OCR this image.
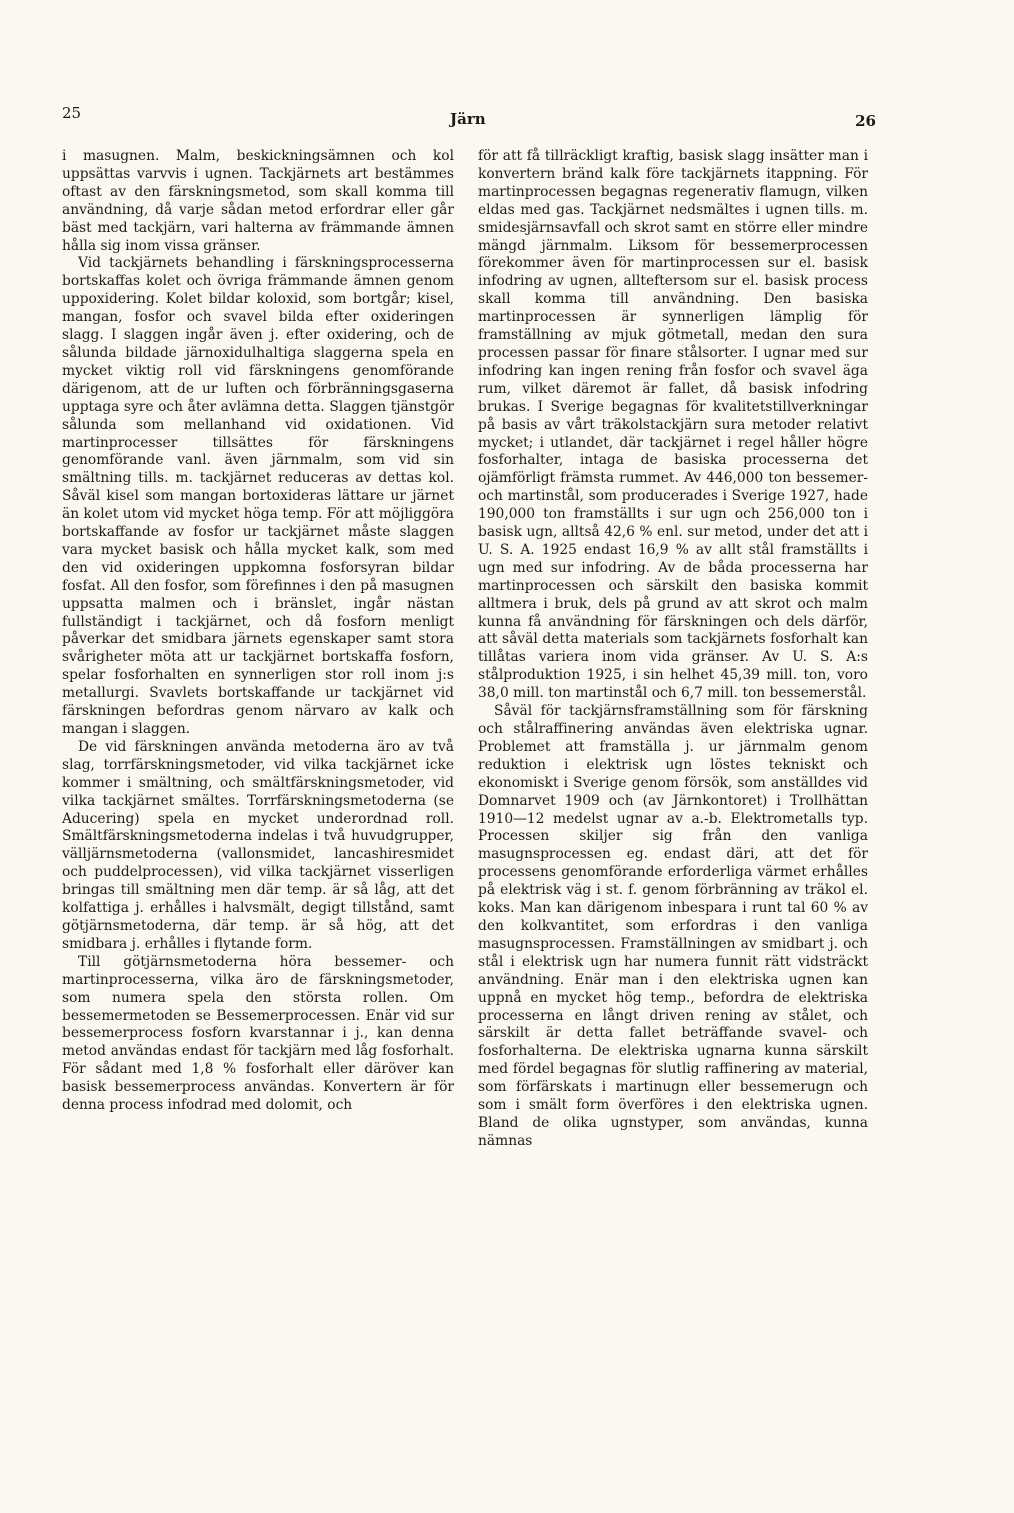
25	Järn	26

i masugnen. Malm, beskickningsämnen och kol uppsättas varvvis i ugnen. Tackjärnets art bestämmes oftast av den färskningsmetod, som skall komma till användning, då varje sådan metod erfordrar eller går bäst med tackjärn, vari halterna av främmande ämnen hålla sig inom vissa gränser.

Vid tackjärnets behandling i färskningsprocesserna bortskaffas kolet och övriga främmande ämnen genom uppoxidering. Kolet bildar koloxid, som bortgår; kisel, mangan, fosfor och svavel bilda efter oxideringen slagg. I slaggen ingår även j. efter oxidering, och de sålunda bildade järnoxidulhaltiga slaggerna spela en mycket viktig roll vid färskningens genomförande därigenom, att de ur luften och förbränningsgaserna upptaga syre och åter avlämna detta. Slaggen tjänstgör sålunda som mellanhand vid oxidationen. Vid martinprocesser tillsättes för färskningens genomförande vanl. även järnmalm, som vid sin smältning tills. m. tackjärnet reduceras av dettas kol. Såväl kisel som mangan bortoxideras lättare ur järnet än kolet utom vid mycket höga temp. För att möjliggöra bortskaffande av fosfor ur tackjärnet måste slaggen vara mycket basisk och hålla mycket kalk, som med den vid oxideringen uppkomna fosforsyran bildar fosfat. All den fosfor, som förefinnes i den på masugnen uppsatta malmen och i bränslet, ingår nästan fullständigt i tackjärnet, och då fosforn menligt påverkar det smidbara järnets egenskaper samt stora svårigheter möta att ur tackjärnet bortskaffa fosforn, spelar fosforhalten en synnerligen stor roll inom j:s metallurgi. Svavlets bortskaffande ur tackjärnet vid färskningen befordras genom närvaro av kalk och mangan i slaggen.

De vid färskningen använda metoderna äro av två slag, torrfärskningsmetoder, vid vilka tackjärnet icke kommer i smältning, och smältfärskningsmetoder, vid vilka tackjärnet smältes. Torrfärskningsmetoderna (se Aducering) spela en mycket underordnad roll. Smältfärskningsmetoderna indelas i två huvudgrupper, välljärnsmetoderna (vallonsmidet, lancashiresmidet och puddelprocessen), vid vilka tackjärnet visserligen bringas till smältning men där temp. är så låg, att det kolfattiga j. erhålles i halvsmält, degigt tillstånd, samt götjärnsmetoderna, där temp. är så hög, att det smidbara j. erhålles i flytande form.

Till götjärnsmetoderna höra bessemer- och martinprocesserna, vilka äro de färskningsmetoder, som numera spela den största rollen. Om bessemermetoden se Bessemerprocessen. Enär vid sur bessemerprocess fosforn kvarstannar i j., kan denna metod användas endast för tackjärn med låg fosforhalt. För sådant med 1,8 % fosforhalt eller däröver kan basisk bessemerprocess användas. Konvertern är för denna process infodrad med dolomit, och

för att få tillräckligt kraftig, basisk slagg insätter man i konvertern bränd kalk före tackjärnets itappning. För martinprocessen begagnas regenerativ flamugn, vilken eldas med gas. Tackjärnet nedsmältes i ugnen tills. m. smidesjärnsavfall och skrot samt en större eller mindre mängd järnmalm. Liksom för bessemerprocessen förekommer även för martinprocessen sur el. basisk infodring av ugnen, allteftersom sur el. basisk process skall komma till användning. Den basiska martinprocessen är synnerligen lämplig för framställning av mjuk götmetall, medan den sura processen passar för finare stålsorter. I ugnar med sur infodring kan ingen rening från fosfor och svavel äga rum, vilket däremot är fallet, då basisk infodring brukas. I Sverige begagnas för kvalitetstillverkningar på basis av vårt träkolstackjärn sura metoder relativt mycket; i utlandet, där tackjärnet i regel håller högre fosforhalter, intaga de basiska processerna det ojämförligt främsta rummet. Av 446,000 ton bessemer- och martinstål, som producerades i Sverige 1927, hade 190,000 ton framställts i sur ugn och 256,000 ton i basisk ugn, alltså 42,6 % enl. sur metod, under det att i U. S. A. 1925 endast 16,9 % av allt stål framställts i ugn med sur infodring. Av de båda processerna har martinprocessen och särskilt den basiska kommit alltmera i bruk, dels på grund av att skrot och malm kunna få användning för färskningen och dels därför, att såväl detta materials som tackjärnets fosforhalt kan tillåtas variera inom vida gränser. Av U. S. A:s stålproduktion 1925, i sin helhet 45,39 mill. ton, voro 38,0 mill. ton martinstål och 6,7 mill. ton bessemerstål.

Såväl för tackjärnsframställning som för färskning och stålraffinering användas även elektriska ugnar. Problemet att framställa j. ur järnmalm genom reduktion i elektrisk ugn löstes tekniskt och ekonomiskt i Sverige genom försök, som anställdes vid Domnarvet 1909 och (av Järnkontoret) i Trollhättan 1910—12 medelst ugnar av a.-b. Elektrometalls typ. Processen skiljer sig från den vanliga masugnsprocessen eg. endast däri, att det för processens genomförande erforderliga värmet erhålles på elektrisk väg i st. f. genom förbränning av träkol el. koks. Man kan därigenom inbespara i runt tal 60 % av den kolkvantitet, som erfordras i den vanliga masugnsprocessen. Framställningen av smidbart j. och stål i elektrisk ugn har numera funnit rätt vidsträckt användning. Enär man i den elektriska ugnen kan uppnå en mycket hög temp., befordra de elektriska processerna en långt driven rening av stålet, och särskilt är detta fallet beträffande svavel- och fosforhalterna. De elektriska ugnarna kunna särskilt med fördel begagnas för slutlig raffinering av material, som förfärskats i martinugn eller bessemerugn och som i smält form överföres i den elektriska ugnen. Bland de olika ugnstyper, som användas, kunna nämnas
